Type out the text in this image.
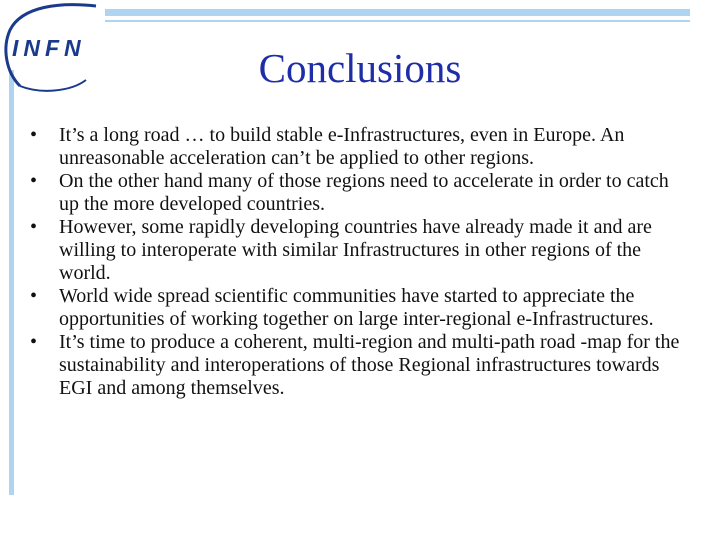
INFN	Conclusions
• It’s a long road … to build stable e-Infrastructures, even in Europe. An unreasonable acceleration can’t be applied to other regions.
• On the other hand many of those regions need to accelerate in order to catch up the more developed countries.
• However, some rapidly developing countries have already made it and are willing to interoperate with similar Infrastructures in other regions of the world.
• World wide spread scientific communities have started to appreciate the opportunities of working together on large inter-regional e-Infrastructures.
• It’s time to produce a coherent, multi-region and multi-path road -map for the sustainability and interoperations of those Regional infrastructures towards EGI and among themselves.
